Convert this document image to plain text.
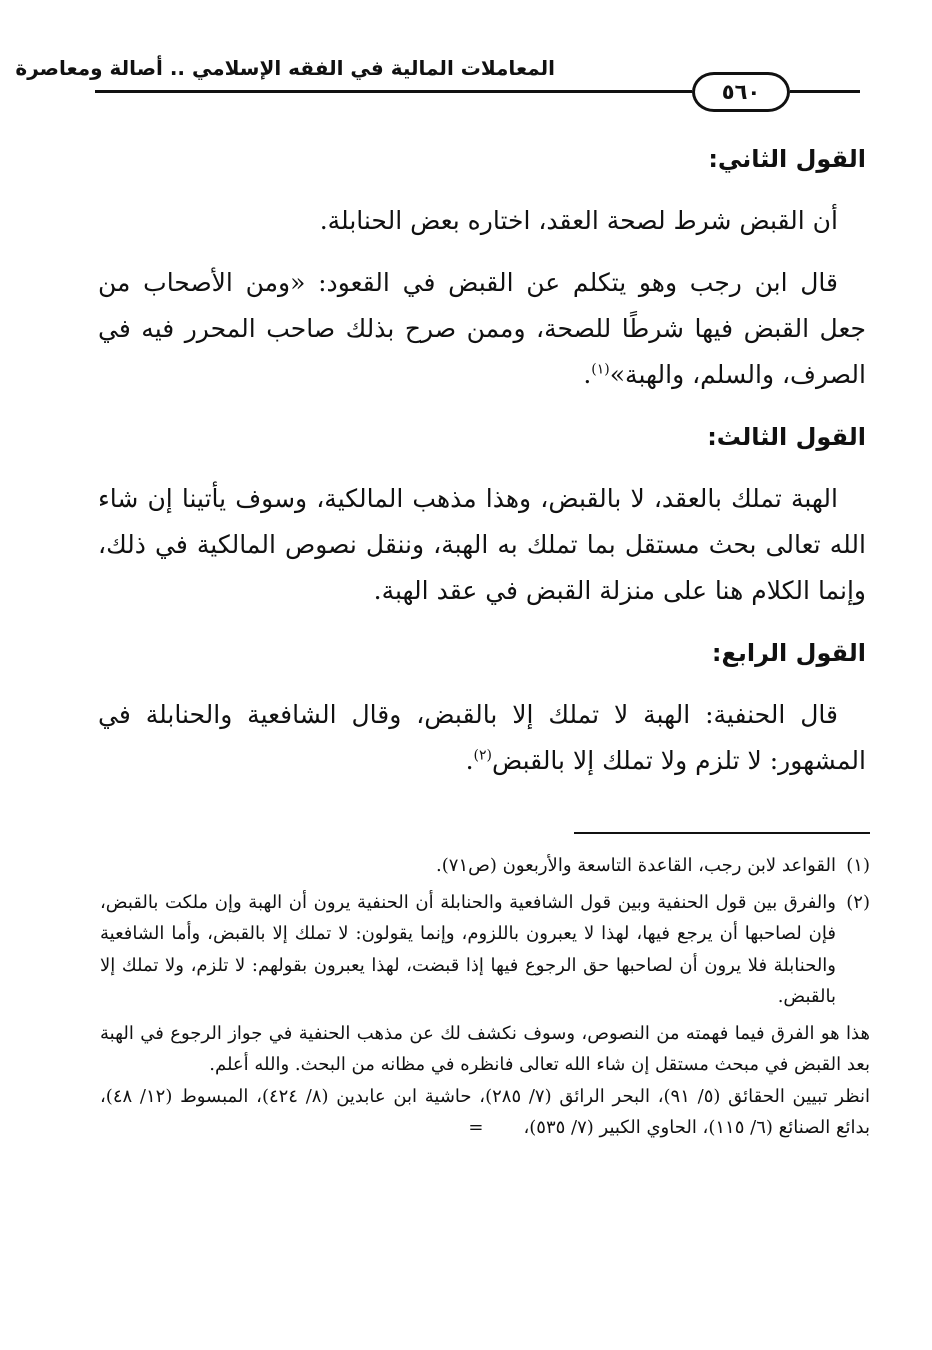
المعاملات المالية في الفقه الإسلامي .. أصالة ومعاصرة
٥٦٠
القول الثاني:

أن القبض شرط لصحة العقد، اختاره بعض الحنابلة.

قال ابن رجب وهو يتكلم عن القبض في القعود: «ومن الأصحاب من جعل القبض فيها شرطًا للصحة، وممن صرح بذلك صاحب المحرر فيه في الصرف، والسلم، والهبة»$^{(١)}$.

القول الثالث:

الهبة تملك بالعقد، لا بالقبض، وهذا مذهب المالكية، وسوف يأتينا إن شاء الله تعالى بحث مستقل بما تملك به الهبة، وننقل نصوص المالكية في ذلك، وإنما الكلام هنا على منزلة القبض في عقد الهبة.

القول الرابع:

قال الحنفية: الهبة لا تملك إلا بالقبض، وقال الشافعية والحنابلة في المشهور: لا تلزم ولا تملك إلا بالقبض$^{(٢)}$.

(١)
القواعد لابن رجب، القاعدة التاسعة والأربعون (ص٧١).
(٢)

والفرق بين قول الحنفية وبين قول الشافعية والحنابلة أن الحنفية يرون أن الهبة وإن ملكت بالقبض، فإن لصاحبها أن يرجع فيها، لهذا لا يعبرون باللزوم، وإنما يقولون: لا تملك إلا بالقبض، وأما الشافعية والحنابلة فلا يرون أن لصاحبها حق الرجوع فيها إذا قبضت، لهذا يعبرون بقولهم: لا تلزم، ولا تملك إلا بالقبض.

هذا هو الفرق فيما فهمته من النصوص، وسوف نكشف لك عن مذهب الحنفية في جواز الرجوع في الهبة بعد القبض في مبحث مستقل إن شاء الله تعالى فانظره في مظانه من البحث. والله أعلم.

انظر تبيين الحقائق (٥/ ٩١)، البحر الرائق (٧/ ٢٨٥)، حاشية ابن عابدين (٨/ ٤٢٤)، المبسوط (١٢/ ٤٨)، بدائع الصنائع (٦/ ١١٥)، الحاوي الكبير (٧/ ٥٣٥)،=
